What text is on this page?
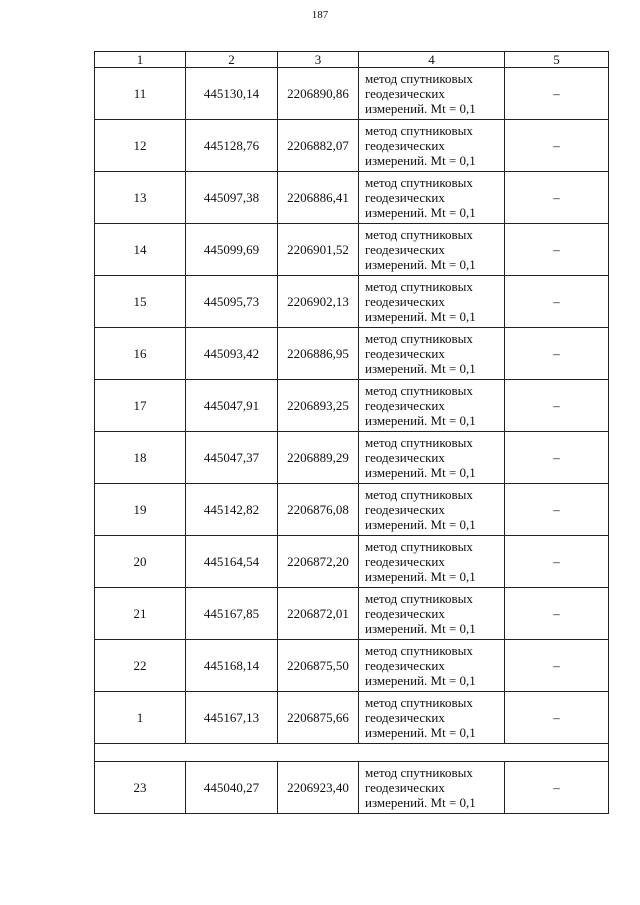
187
1	2	3	4	5
11	445130,14	2206890,86	метод спутниковых
геодезических
измерений. Mt = 0,1	–
12	445128,76	2206882,07	метод спутниковых
геодезических
измерений. Mt = 0,1	–
13	445097,38	2206886,41	метод спутниковых
геодезических
измерений. Mt = 0,1	–
14	445099,69	2206901,52	метод спутниковых
геодезических
измерений. Mt = 0,1	–
15	445095,73	2206902,13	метод спутниковых
геодезических
измерений. Mt = 0,1	–
16	445093,42	2206886,95	метод спутниковых
геодезических
измерений. Mt = 0,1	–
17	445047,91	2206893,25	метод спутниковых
геодезических
измерений. Mt = 0,1	–
18	445047,37	2206889,29	метод спутниковых
геодезических
измерений. Mt = 0,1	–
19	445142,82	2206876,08	метод спутниковых
геодезических
измерений. Mt = 0,1	–
20	445164,54	2206872,20	метод спутниковых
геодезических
измерений. Mt = 0,1	–
21	445167,85	2206872,01	метод спутниковых
геодезических
измерений. Mt = 0,1	–
22	445168,14	2206875,50	метод спутниковых
геодезических
измерений. Mt = 0,1	–
1	445167,13	2206875,66	метод спутниковых
геодезических
измерений. Mt = 0,1	–

23	445040,27	2206923,40	метод спутниковых
геодезических
измерений. Mt = 0,1	–
